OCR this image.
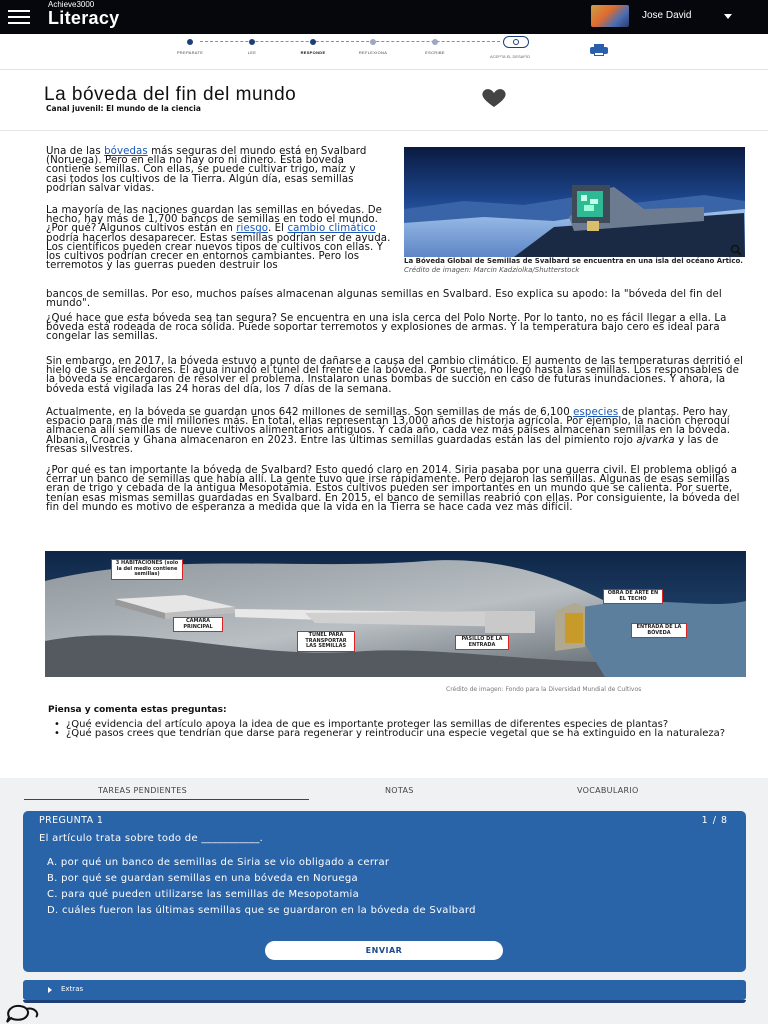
Achieve3000
Literacy	Jose David
PREPARATE	LEE	RESPONDE	REFLEXIONA	ESCRIBE
ACEPTA EL DESAFÍO
La bóveda del fin del mundo
Canal juvenil: El mundo de la ciencia
Una de las bóvedas más seguras del mundo está en Svalbard (Noruega). Pero en ella no hay oro ni dinero. Esta bóveda contiene semillas. Con ellas, se puede cultivar trigo, maíz y casi todos los cultivos de la Tierra. Algún día, esas semillas podrían salvar vidas.
La mayoría de las naciones guardan las semillas en bóvedas. De hecho, hay más de 1,700 bancos de semillas en todo el mundo. ¿Por qué? Algunos cultivos están en riesgo. El cambio climático podría hacerlos desaparecer. Estas semillas podrían ser de ayuda. Los científicos pueden crear nuevos tipos de cultivos con ellas. Y los cultivos podrían crecer en entornos cambiantes. Pero los terremotos y las guerras pueden destruir los
bancos de semillas. Por eso, muchos países almacenan algunas semillas en Svalbard. Eso explica su apodo: la "bóveda del fin del mundo".
La Bóveda Global de Semillas de Svalbard se encuentra en una isla del océano Ártico. Crédito de imagen: Marcin Kadziolka/Shutterstock
¿Qué hace que esta bóveda sea tan segura? Se encuentra en una isla cerca del Polo Norte. Por lo tanto, no es fácil llegar a ella. La bóveda está rodeada de roca sólida. Puede soportar terremotos y explosiones de armas. Y la temperatura bajo cero es ideal para congelar las semillas.
Sin embargo, en 2017, la bóveda estuvo a punto de dañarse a causa del cambio climático. El aumento de las temperaturas derritió el hielo de sus alrededores. El agua inundó el túnel del frente de la bóveda. Por suerte, no llegó hasta las semillas. Los responsables de la bóveda se encargaron de resolver el problema. Instalaron unas bombas de succión en caso de futuras inundaciones. Y ahora, la bóveda está vigilada las 24 horas del día, los 7 días de la semana.
Actualmente, en la bóveda se guardan unos 642 millones de semillas. Son semillas de más de 6,100 especies de plantas. Pero hay espacio para más de mil millones más. En total, ellas representan 13,000 años de historia agrícola. Por ejemplo, la nación cheroquí almacena allí semillas de nueve cultivos alimentarios antiguos. Y cada año, cada vez más países almacenan semillas en la bóveda. Albania, Croacia y Ghana almacenaron en 2023. Entre las últimas semillas guardadas están las del pimiento rojo ajvarka y las de fresas silvestres.
¿Por qué es tan importante la bóveda de Svalbard? Esto quedó claro en 2014. Siria pasaba por una guerra civil. El problema obligó a cerrar un banco de semillas que había allí. La gente tuvo que irse rápidamente. Pero dejaron las semillas. Algunas de esas semillas eran de trigo y cebada de la antigua Mesopotamia. Estos cultivos pueden ser importantes en un mundo que se calienta. Por suerte, tenían esas mismas semillas guardadas en Svalbard. En 2015, el banco de semillas reabrió con ellas. Por consiguiente, la bóveda del fin del mundo es motivo de esperanza a medida que la vida en la Tierra se hace cada vez más difícil.
3 HABITACIONES (solo la del medio contiene semillas)
CÁMARA PRINCIPAL
TÚNEL PARA TRANSPORTAR LAS SEMILLAS
PASILLO DE LA ENTRADA
OBRA DE ARTE EN EL TECHO
ENTRADA DE LA BÓVEDA
Crédito de imagen: Fondo para la Diversidad Mundial de Cultivos
Piensa y comenta estas preguntas:
• ¿Qué evidencia del artículo apoya la idea de que es importante proteger las semillas de diferentes especies de plantas?
• ¿Qué pasos crees que tendrían que darse para regenerar y reintroducir una especie vegetal que se ha extinguido en la naturaleza?
TAREAS PENDIENTES	NOTAS	VOCABULARIO
PREGUNTA 1	1 / 8
El artículo trata sobre todo de ___________.
A. por qué un banco de semillas de Siria se vio obligado a cerrar
B. por qué se guardan semillas en una bóveda en Noruega
C. para qué pueden utilizarse las semillas de Mesopotamia
D. cuáles fueron las últimas semillas que se guardaron en la bóveda de Svalbard
ENVIAR
Extras
